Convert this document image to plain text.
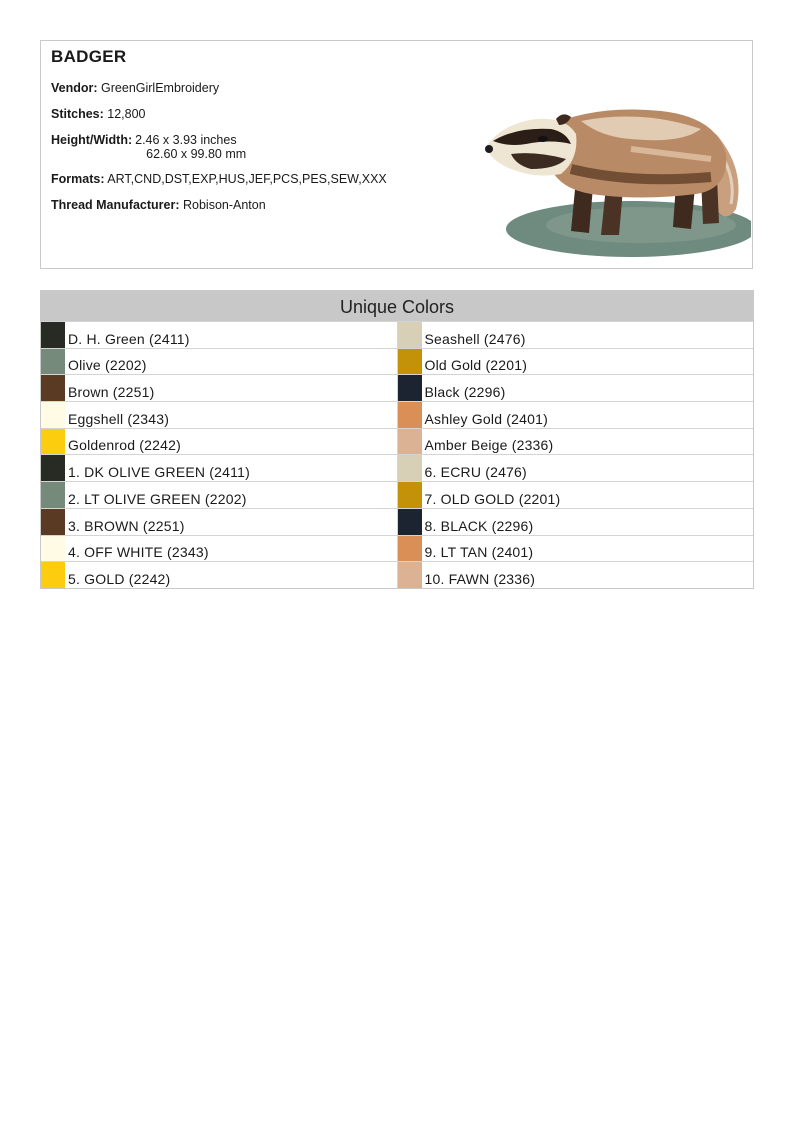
BADGER
Vendor: GreenGirlEmbroidery
Stitches: 12,800
Height/Width: 2.46 x 3.93 inches
62.60 x 99.80 mm
Formats: ART,CND,DST,EXP,HUS,JEF,PCS,PES,SEW,XXX
Thread Manufacturer: Robison-Anton
Unique Colors
D. H. Green (2411)
Olive (2202)
Brown (2251)
Eggshell (2343)
Goldenrod (2242)
1. DK OLIVE GREEN (2411)
2. LT OLIVE GREEN (2202)
3. BROWN (2251)
4. OFF WHITE (2343)
5. GOLD (2242)
Seashell (2476)
Old Gold (2201)
Black (2296)
Ashley Gold (2401)
Amber Beige (2336)
6. ECRU (2476)
7. OLD GOLD (2201)
8. BLACK (2296)
9. LT TAN (2401)
10. FAWN (2336)
